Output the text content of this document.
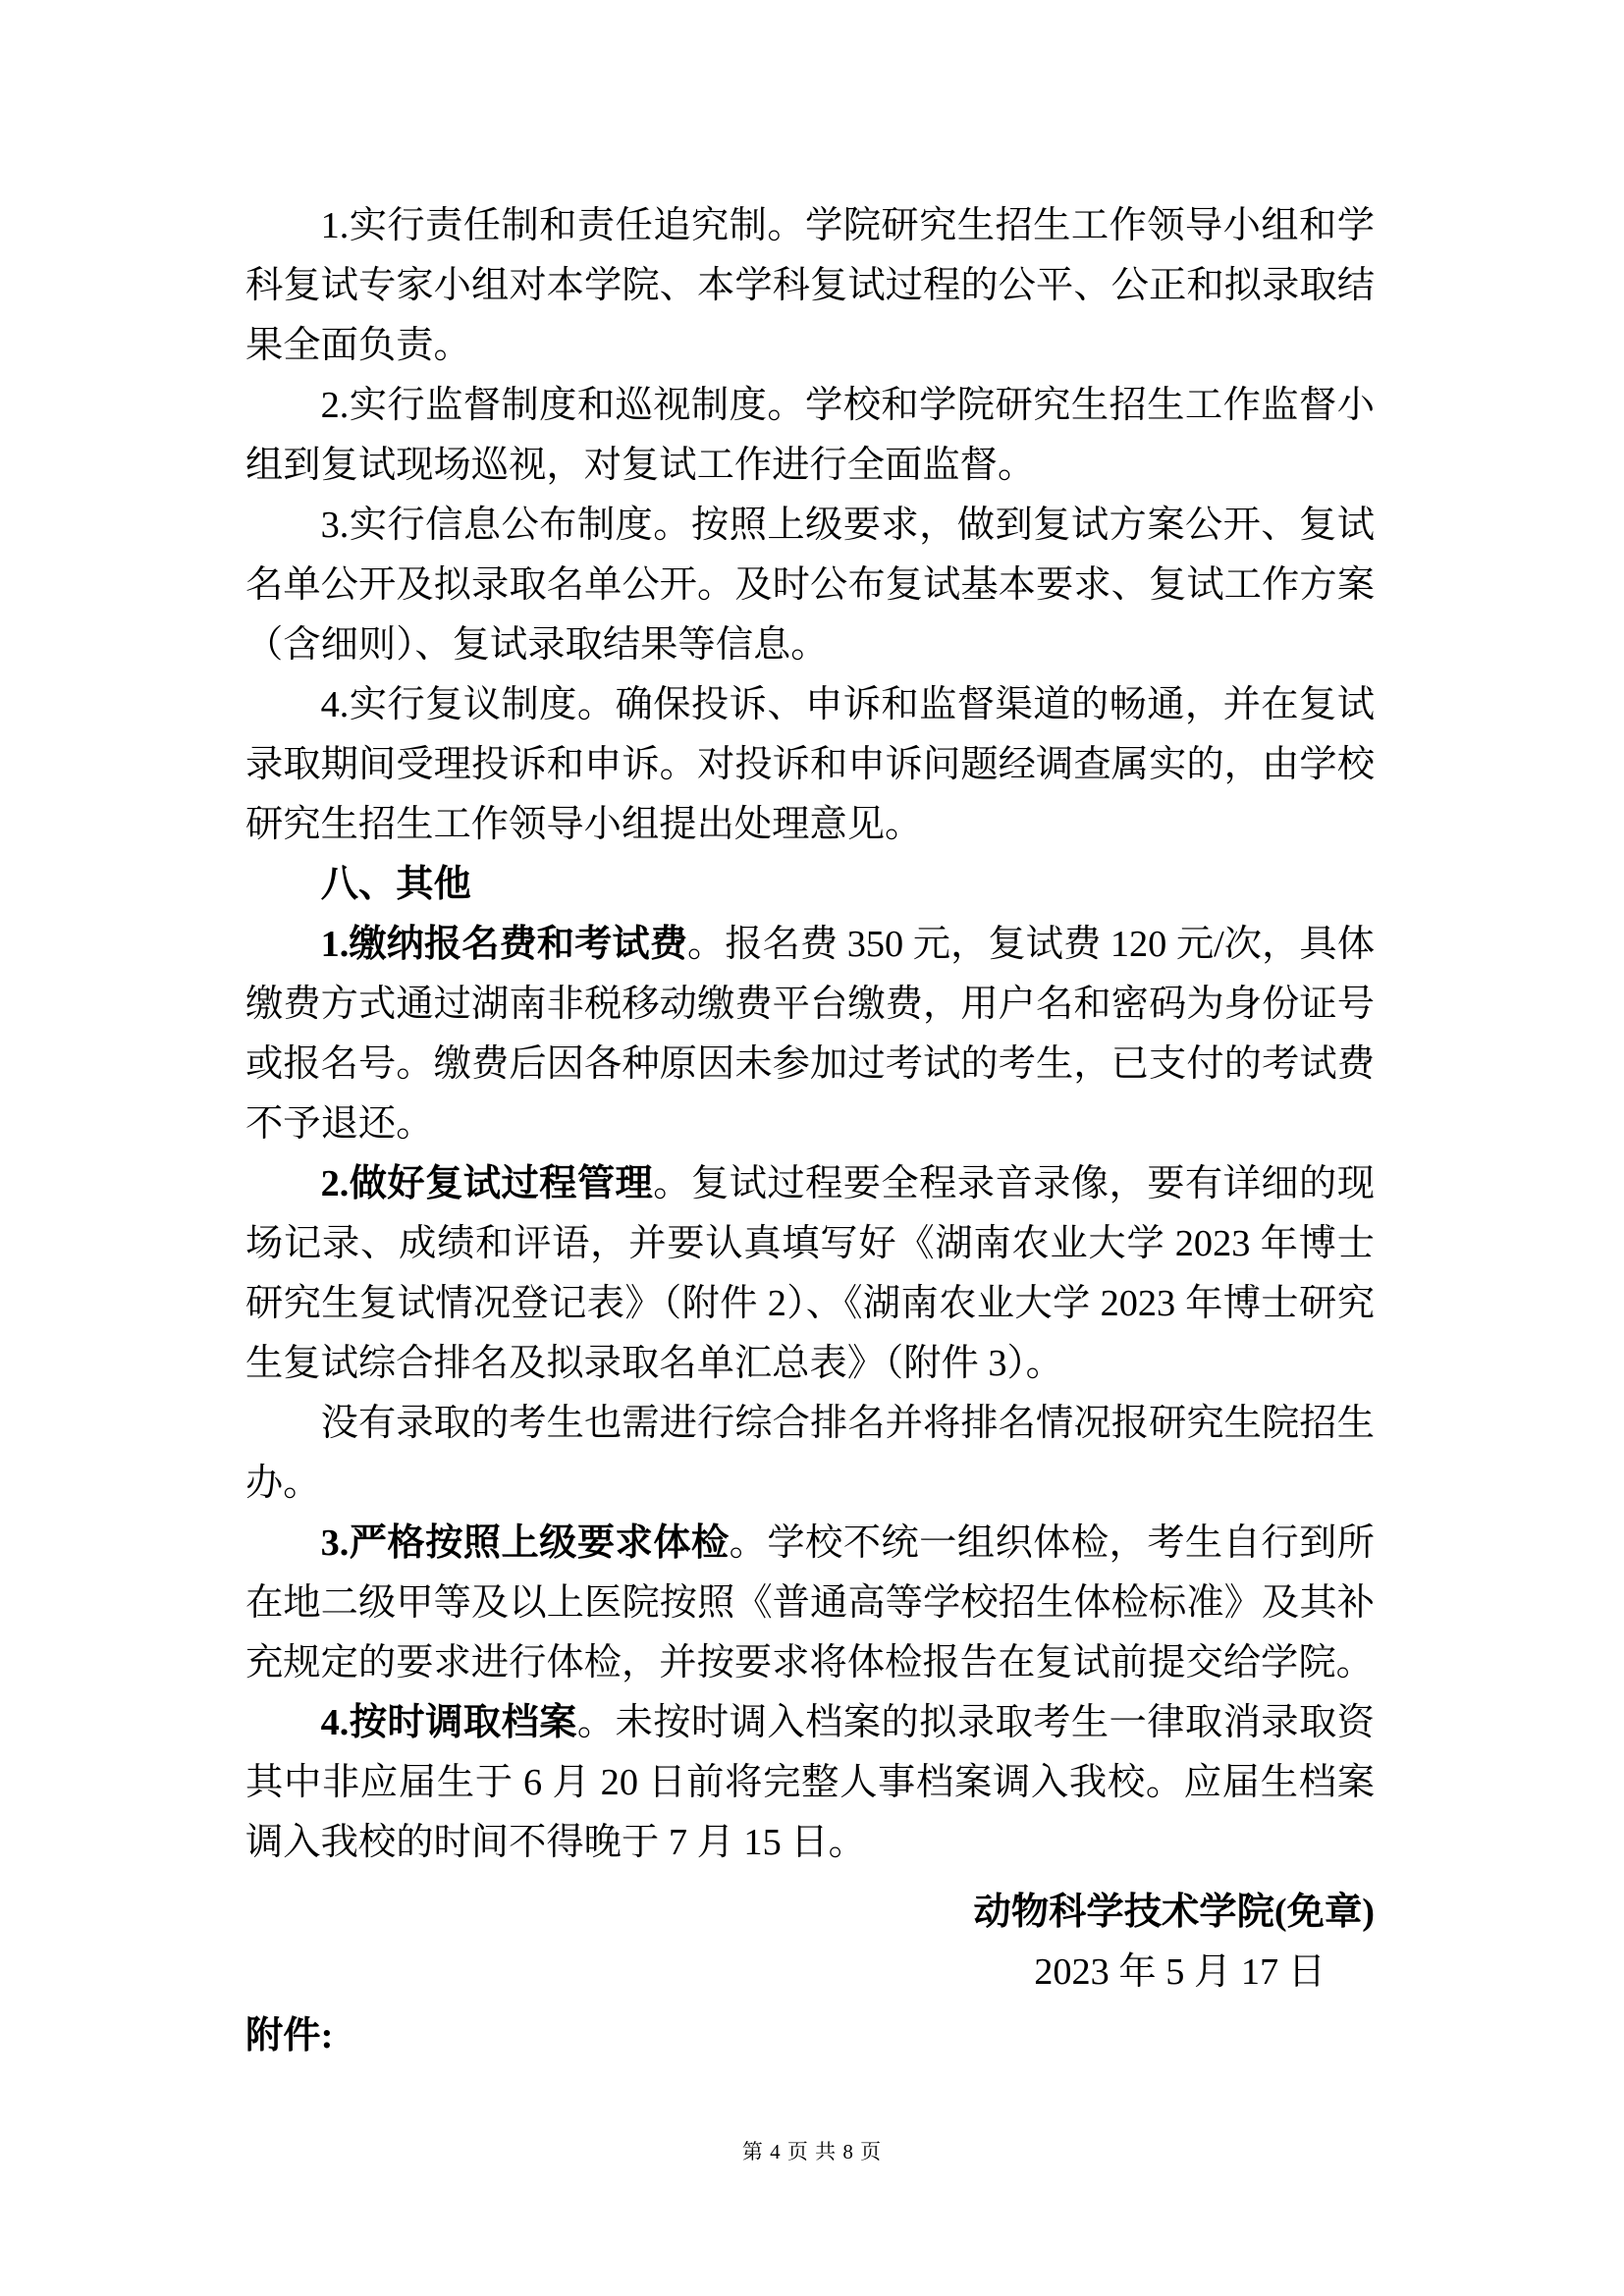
1.实行责任制和责任追究制。学院研究生招生工作领导小组和学科复试专家小组对本学院、本学科复试过程的公平、公正和拟录取结果全面负责。

2.实行监督制度和巡视制度。学校和学院研究生招生工作监督小组到复试现场巡视，对复试工作进行全面监督。

3.实行信息公布制度。按照上级要求，做到复试方案公开、复试名单公开及拟录取名单公开。及时公布复试基本要求、复试工作方案（含细则）、复试录取结果等信息。

4.实行复议制度。确保投诉、申诉和监督渠道的畅通，并在复试录取期间受理投诉和申诉。对投诉和申诉问题经调查属实的，由学校研究生招生工作领导小组提出处理意见。

八、其他

1.缴纳报名费和考试费。报名费 350 元，复试费 120 元/次，具体缴费方式通过湖南非税移动缴费平台缴费，用户名和密码为身份证号或报名号。缴费后因各种原因未参加过考试的考生，已支付的考试费不予退还。

2.做好复试过程管理。复试过程要全程录音录像，要有详细的现场记录、成绩和评语，并要认真填写好《湖南农业大学 2023 年博士研究生复试情况登记表》（附件 2）、《湖南农业大学 2023 年博士研究生复试综合排名及拟录取名单汇总表》（附件 3）。

没有录取的考生也需进行综合排名并将排名情况报研究生院招生办。

3.严格按照上级要求体检。学校不统一组织体检，考生自行到所在地二级甲等及以上医院按照《普通高等学校招生体检标准》及其补充规定的要求进行体检，并按要求将体检报告在复试前提交给学院。

4.按时调取档案。未按时调入档案的拟录取考生一律取消录取资其中非应届生于 6 月 20 日前将完整人事档案调入我校。应届生档案调入我校的时间不得晚于 7 月 15 日。

动物科学技术学院(免章)

2023 年 5 月 17 日

附件:

第 4 页 共 8 页
